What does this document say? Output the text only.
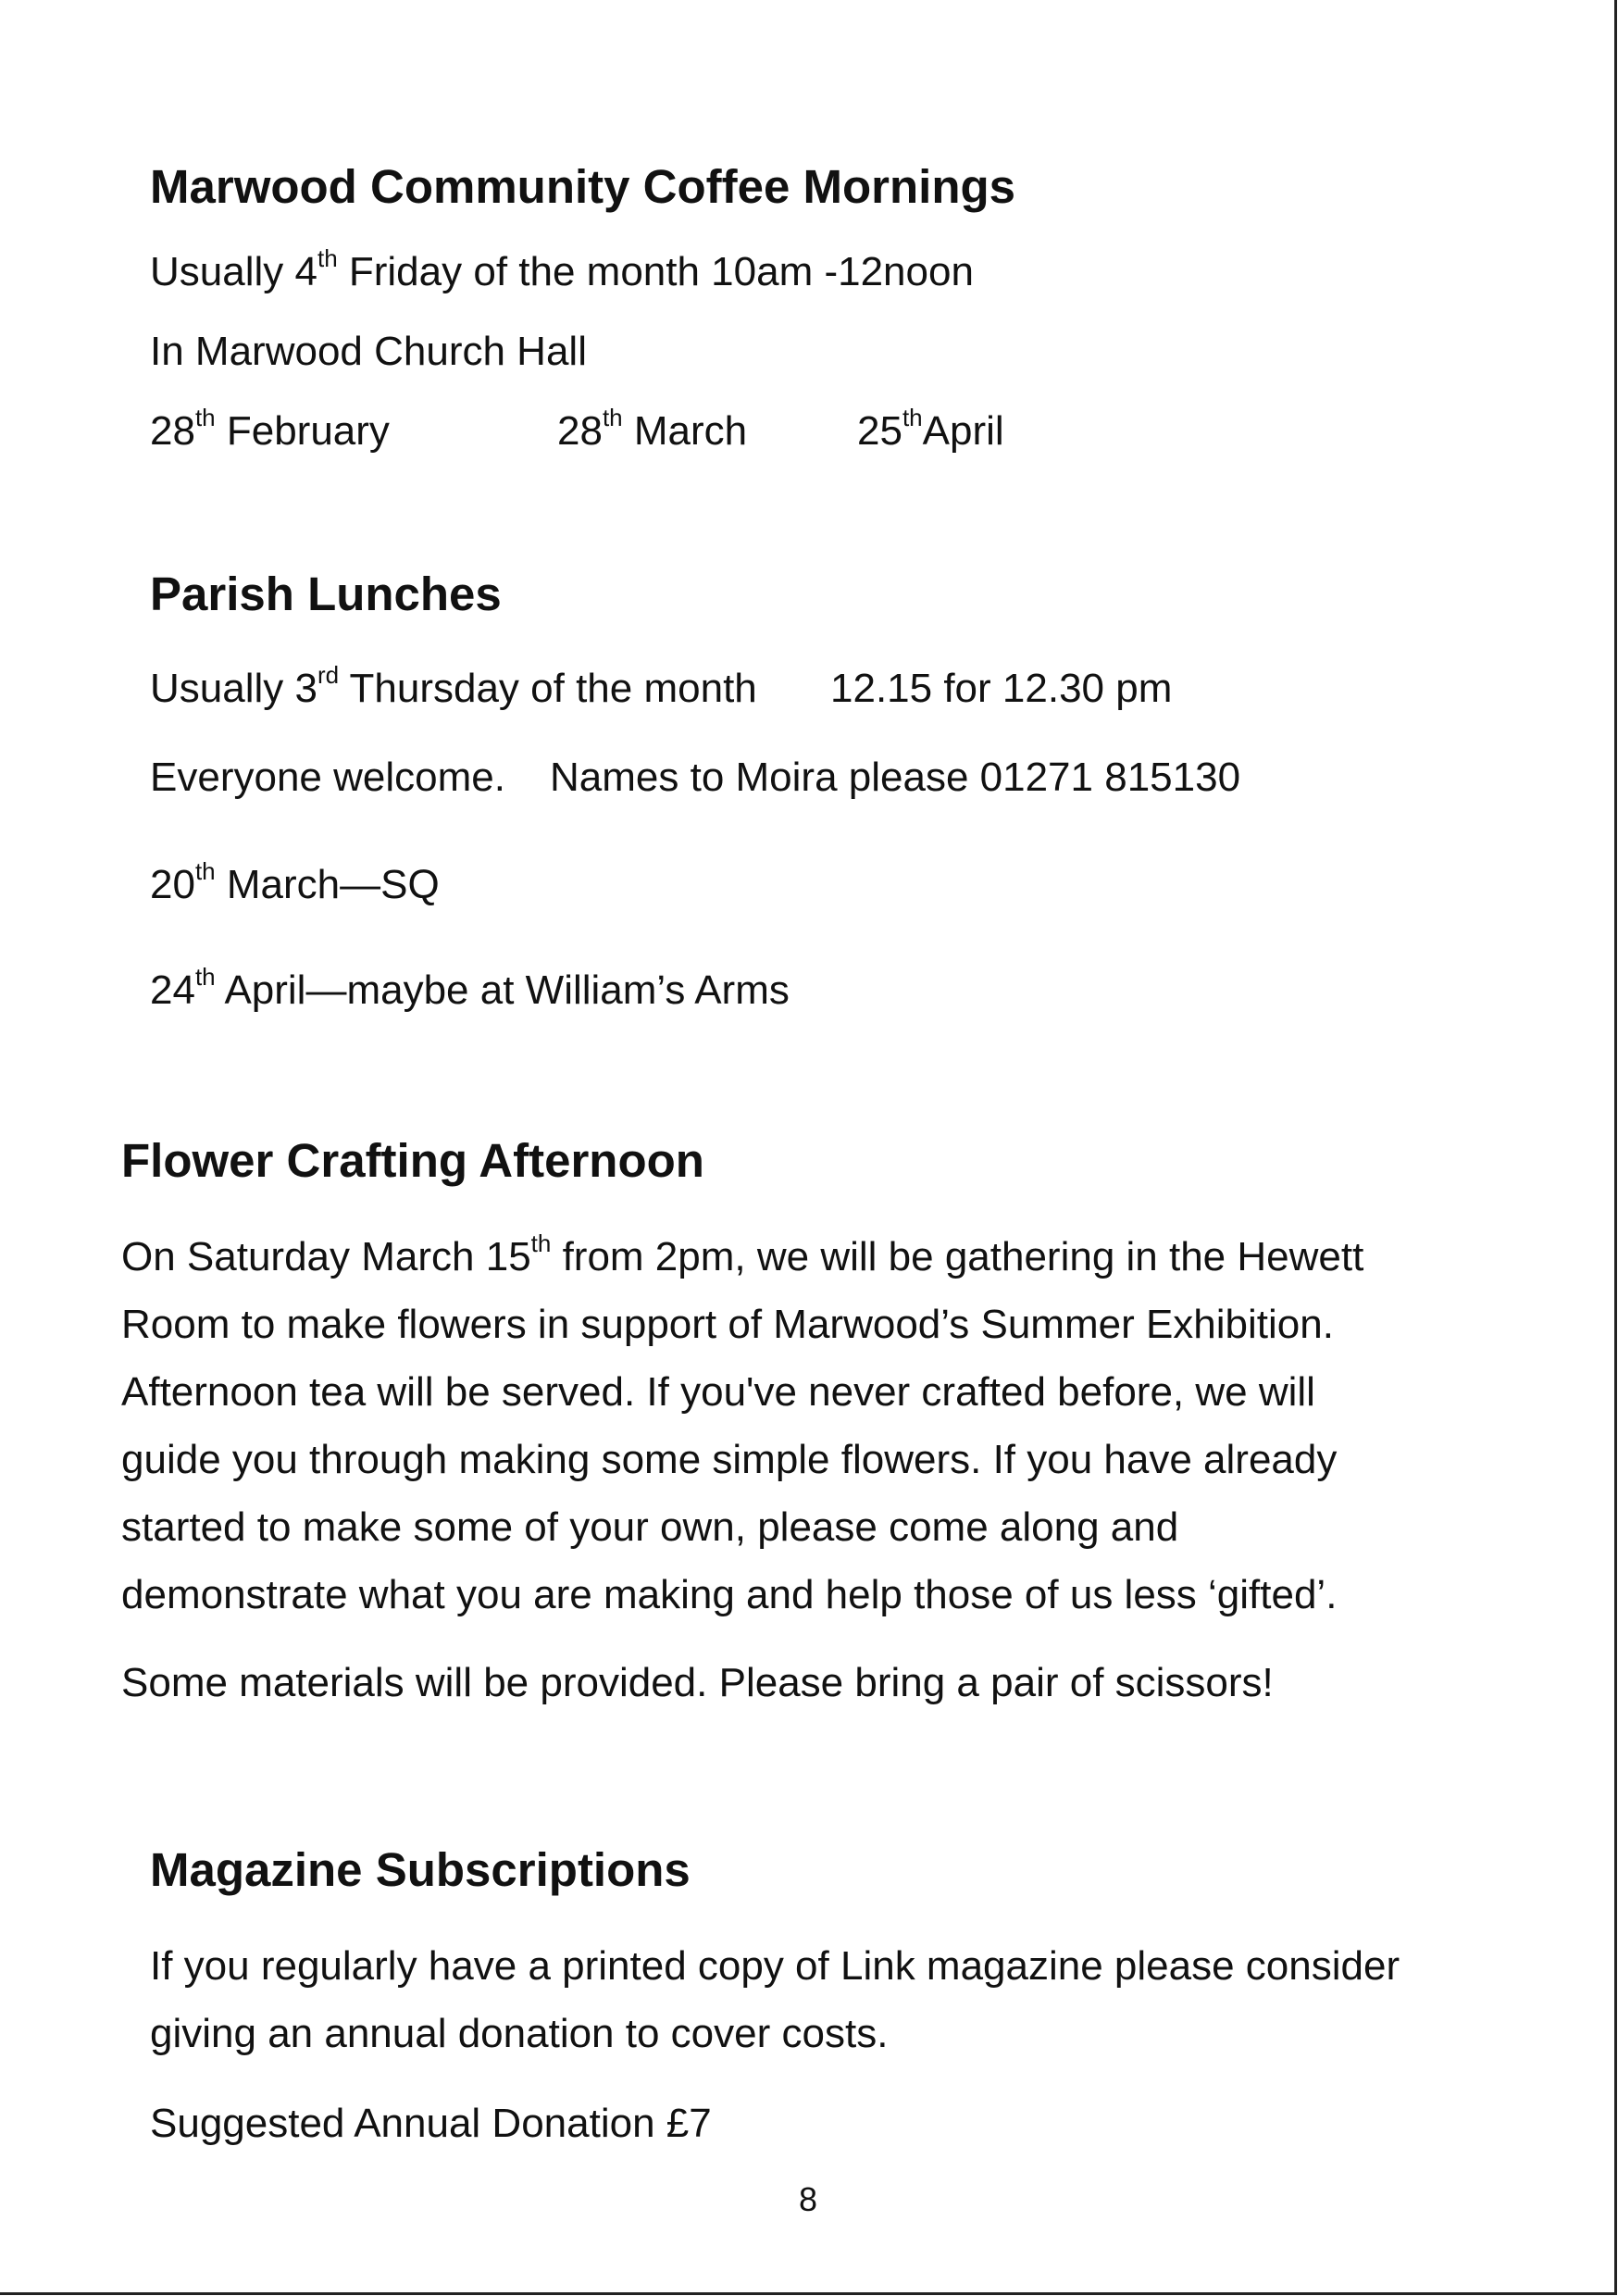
Marwood Community Coffee Mornings
Usually 4th Friday of the month 10am -12noon
In Marwood Church Hall
28th February	28th March	25thApril
Parish Lunches
Usually 3rd Thursday of the month 12.15 for 12.30 pm
Everyone welcome. Names to Moira please 01271 815130
20th March—SQ
24th April—maybe at William’s Arms
Flower Crafting Afternoon
On Saturday March 15th from 2pm, we will be gathering in the Hewett
Room to make flowers in support of Marwood’s Summer Exhibition.
Afternoon tea will be served. If you've never crafted before, we will
guide you through making some simple flowers. If you have already
started to make some of your own, please come along and
demonstrate what you are making and help those of us less ‘gifted’.
Some materials will be provided. Please bring a pair of scissors!
Magazine Subscriptions
If you regularly have a printed copy of Link magazine please consider
giving an annual donation to cover costs.
Suggested Annual Donation £7
8
